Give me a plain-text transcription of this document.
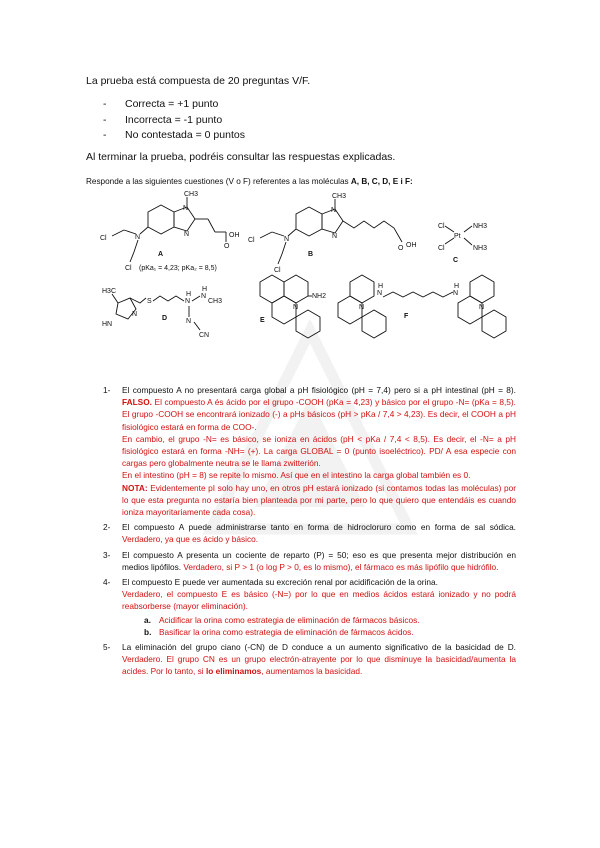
La prueba está compuesta de 20 preguntas V/F.

- Correcta = +1 punto
- Incorrecta = -1 punto
- No contestada = 0 puntos

Al terminar la prueba, podréis consultar las respuestas explicadas.

Responde a las siguientes cuestiones (V o F) referentes a las moléculas A, B, C, D, E i F:

CH3
N
N	OH
O
N
Cl
Cl (pKa₁ = 4,23; pKa₂ = 8,5)
A
CH3
N
N
N
Cl
Cl
O OH
B
Cl
Cl
Pt
NH3
NH3
C
H3C
HN
N
S	N
H N
H
CH3
N
CN
D
NH2
N
E
N	N
N
H
N
H
F
1- El compuesto A no presentará carga global a pH fisiológico (pH = 7,4) pero si a pH intestinal (pH = 8). FALSO. El compuesto A és ácido por el grupo -COOH (pKa = 4,23) y básico por el grupo -N= (pKa = 8,5). El grupo -COOH se encontrará ionizado (-) a pHs básicos (pH > pKa / 7,4 > 4,23). Es decir, el COOH a pH fisiológico estará en forma de COO-.
En cambio, el grupo -N= es básico, se ioniza en ácidos (pH < pKa / 7,4 < 8,5). Es decir, el -N= a pH fisiológico estará en forma -NH= (+). La carga GLOBAL = 0 (punto isoeléctrico). PD/ A esa especie con cargas pero globalmente neutra se le llama zwitterión.
En el intestino (pH = 8) se repite lo mismo. Así que en el intestino la carga global también es 0.
NOTA: Evidentemente pI solo hay uno, en otros pH estará ionizado (si contamos todas las moléculas) por lo que esta pregunta no estaría bien planteada por mi parte, pero lo que quiero que entendáis es cuando ioniza mayoritariamente cada cosa).
2- El compuesto A puede administrarse tanto en forma de hidrocloruro como en forma de sal sódica. Verdadero, ya que es ácido y básico.
3- El compuesto A presenta un cociente de reparto (P) = 50; eso es que presenta mejor distribución en medios lipófilos. Verdadero, si P > 1 (o log P > 0, es lo mismo), el fármaco es más lipófilo que hidrófilo.
4- El compuesto E puede ver aumentada su excreción renal por acidificación de la orina.
Verdadero, el compuesto E es básico (-N=) por lo que en medios ácidos estará ionizado y no podrá reabsorberse (mayor eliminación).
a. Acidificar la orina como estrategia de eliminación de fármacos básicos.
b. Basificar la orina como estrategia de eliminación de fármacos ácidos.
5- La eliminación del grupo ciano (-CN) de D conduce a un aumento significativo de la basicidad de D. Verdadero. El grupo CN es un grupo electrón-atrayente por lo que disminuye la basicidad/aumenta la acides. Por lo tanto, si lo eliminamos, aumentamos la basicidad.
